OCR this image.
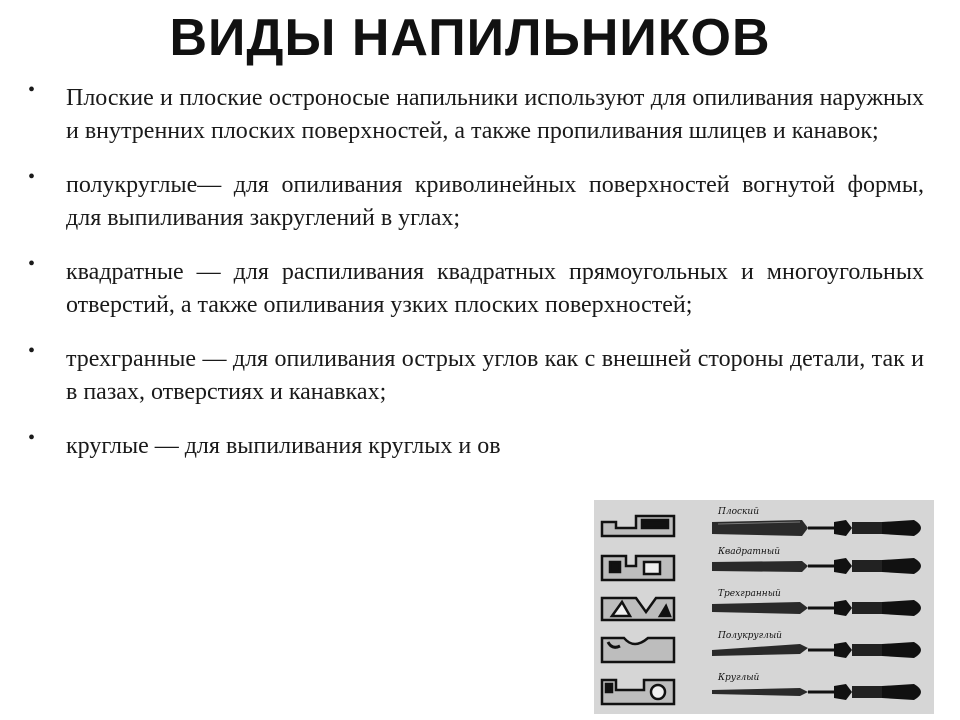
ВИДЫ НАПИЛЬНИКОВ
• Плоские и плоские остроносые напильники используют для опиливания наружных и внутренних плоских поверхностей, а также пропиливания шлицев и канавок;
• полукруглые— для опиливания криволинейных поверхностей вогнутой формы, для выпиливания закруглений в углах;
• квадратные — для распиливания квадратных прямоугольных и многоугольных отверстий, а также опиливания узких плоских поверхностей;
• трехгранные — для опиливания острых углов как с внешней стороны детали, так и в пазах, отверстиях и канавках;
• круглые — для выпиливания круглых и ов
Плоский
Квадратный
Трехгранный
Полукруглый
Круглый
